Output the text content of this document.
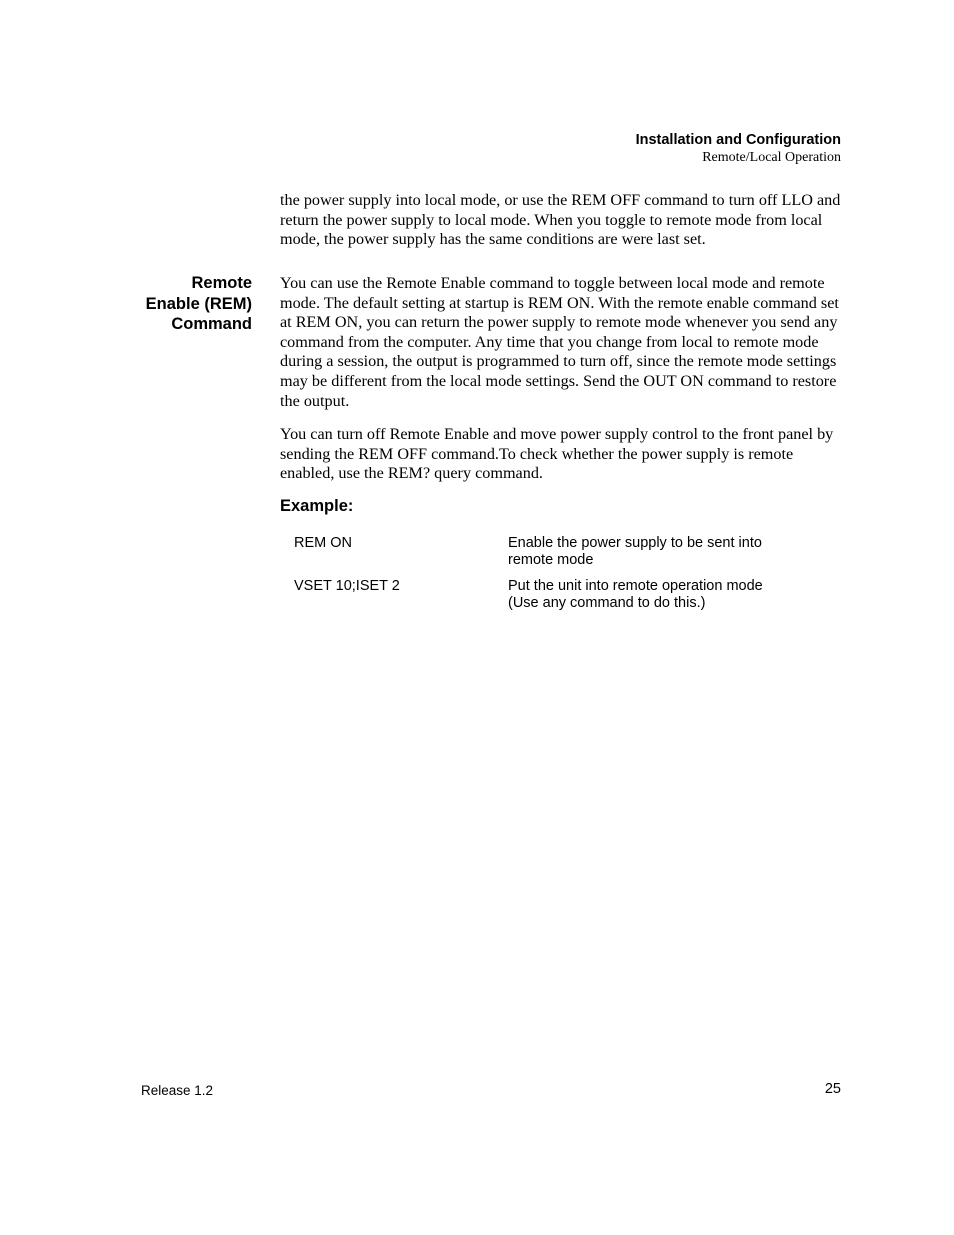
Installation and Configuration
Remote/Local Operation

the power supply into local mode, or use the REM OFF command to turn off LLO and return the power supply to local mode. When you toggle to remote mode from local mode, the power supply has the same conditions are were last set.

Remote
Enable (REM)
Command

You can use the Remote Enable command to toggle between local mode and remote mode. The default setting at startup is REM ON. With the remote enable command set at REM ON, you can return the power supply to remote mode whenever you send any command from the computer. Any time that you change from local to remote mode during a session, the output is programmed to turn off, since the remote mode settings may be different from the local mode settings. Send the OUT ON command to restore the output.

You can turn off Remote Enable and move power supply control to the front panel by sending the REM OFF command.To check whether the power supply is remote enabled, use the REM? query command.

Example:
REM ON	Enable the power supply to be sent into
remote mode
VSET 10;ISET 2	Put the unit into remote operation mode
(Use any command to do this.)
Release 1.2	25
